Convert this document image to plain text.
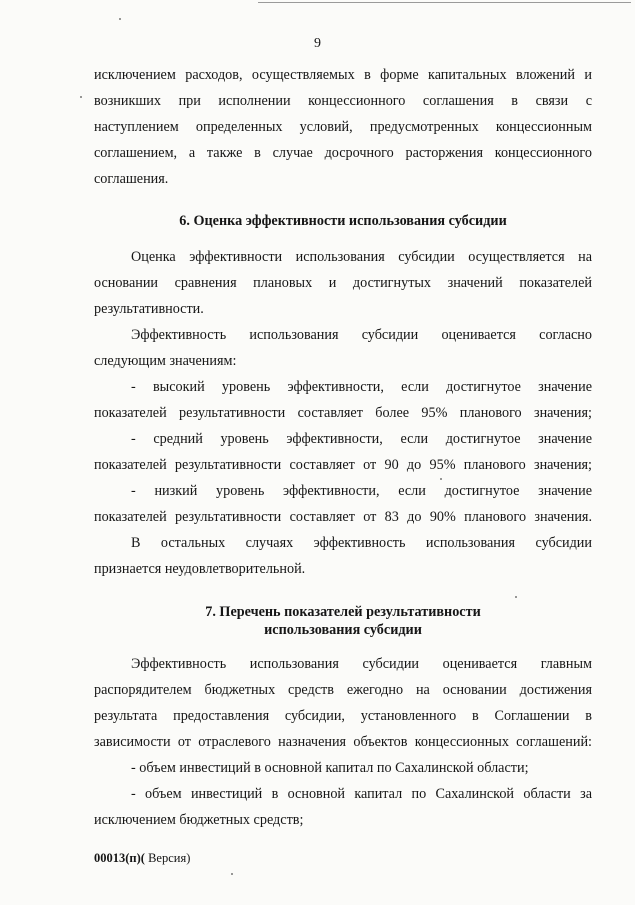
9
исключением расходов, осуществляемых в форме капитальных вложений и
возникших при исполнении концессионного соглашения в связи с
наступлением определенных условий, предусмотренных концессионным
соглашением, а также в случае досрочного расторжения концессионного
соглашения.
6. Оценка эффективности использования субсидии
Оценка эффективности использования субсидии осуществляется на
основании сравнения плановых и достигнутых значений показателей
результативности.
Эффективность использования субсидии оценивается согласно
следующим значениям:
- высокий уровень эффективности, если достигнутое значение
показателей результативности составляет более 95% планового значения;
- средний уровень эффективности, если достигнутое значение
показателей результативности составляет от 90 до 95% планового значения;
- низкий уровень эффективности, если достигнутое значение
показателей результативности составляет от 83 до 90% планового значения.
В остальных случаях эффективность использования субсидии
признается неудовлетворительной.
7. Перечень показателей результативности
использования субсидии
Эффективность использования субсидии оценивается главным
распорядителем бюджетных средств ежегодно на основании достижения
результата предоставления субсидии, установленного в Соглашении в
зависимости от отраслевого назначения объектов концессионных соглашений:
- объем инвестиций в основной капитал по Сахалинской области;
- объем инвестиций в основной капитал по Сахалинской области за
исключением бюджетных средств;
00013(п)( Версия)
